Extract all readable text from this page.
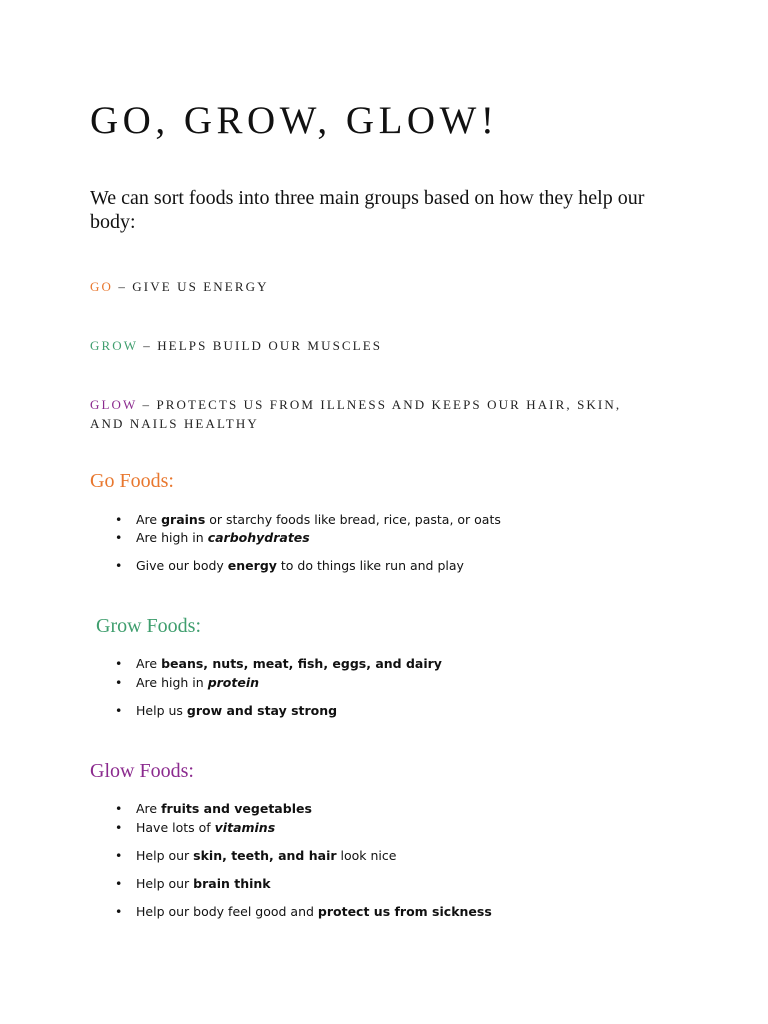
GO, GROW, GLOW!

We can sort foods into three main groups based on how they help our body:

GO – GIVE US ENERGY

GROW – HELPS BUILD OUR MUSCLES

GLOW – PROTECTS US FROM ILLNESS AND KEEPS OUR HAIR, SKIN, AND NAILS HEALTHY

Go Foods:
• Are grains or starchy foods like bread, rice, pasta, or oats
• Are high in carbohydrates
• Give our body energy to do things like run and play
Grow Foods:
• Are beans, nuts, meat, fish, eggs, and dairy
• Are high in protein
• Help us grow and stay strong
Glow Foods:
• Are fruits and vegetables
• Have lots of vitamins
• Help our skin, teeth, and hair look nice
• Help our brain think
• Help our body feel good and protect us from sickness
